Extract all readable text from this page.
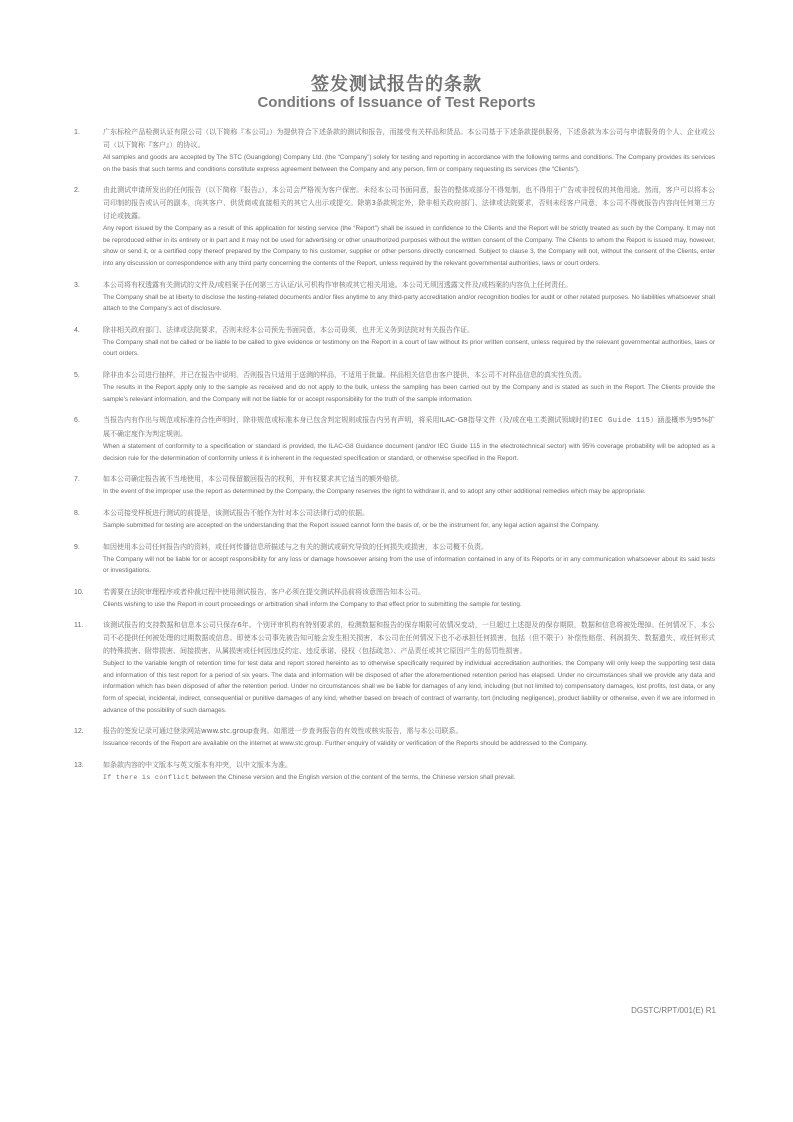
签发测试报告的条款
Conditions of Issuance of Test Reports
1.	广东标检产品检测认证有限公司（以下简称『本公司』）为提供符合下述条款的测试和报告，而接受有关样品和货品。本公司基于下述条款提供服务，下述条款为本公司与申请服务的个人、企业或公司（以下简称『客户』）的协议。
All samples and goods are accepted by The STC (Guangdong) Company Ltd. (the “Company”) solely for testing and reporting in accordance with the following terms and conditions. The Company provides its services on the basis that such terms and conditions constitute express agreement between the Company and any person, firm or company requesting its services (the “Clients”).
2.	由此测试申请所发出的任何报告（以下简称『报告』），本公司会严格视为客户保密。未经本公司书面同意，报告的整体或部分不得复制，也不得用于广告或非授权的其他用途。然而，客户可以将本公司印制的报告或认可的副本，向其客户、供货商或直接相关的其它人出示或提交。除第3条款规定外，除非相关政府部门、法律或法院要求，否则未经客户同意，本公司不得就报告内容向任何第三方讨论或披露。
Any report issued by the Company as a result of this application for testing service (the “Report”) shall be issued in confidence to the Clients and the Report will be strictly treated as such by the Company. It may not be reproduced either in its entirety or in part and it may not be used for advertising or other unauthorized purposes without the written consent of the Company. The Clients to whom the Report is issued may, however, show or send it, or a certified copy thereof prepared by the Company to his customer, supplier or other persons directly concerned. Subject to clause 3, the Company will not, without the consent of the Clients, enter into any discussion or correspondence with any third party concerning the contents of the Report, unless required by the relevant governmental authorities, laws or court orders.
3.	本公司将有权透露有关测试的文件及/或档案予任何第三方认证/认可机构作审核或其它相关用途。本公司无须因透露文件及/或档案的内容负上任何责任。
The Company shall be at liberty to disclose the testing-related documents and/or files anytime to any third-party accreditation and/or recognition bodies for audit or other related purposes. No liabilities whatsoever shall attach to the Company’s act of disclosure.
4.	除非相关政府部门、法律或法院要求，否则未经本公司预先书面同意，本公司毋须，也并无义务到法院对有关报告作证。
The Company shall not be called or be liable to be called to give evidence or testimony on the Report in a court of law without its prior written consent, unless required by the relevant governmental authorities, laws or court orders.
5.	除非由本公司进行抽样，并已在报告中说明，否则报告只适用于送测的样品，不适用于批量。样品相关信息由客户提供，本公司不对样品信息的真实性负责。
The results in the Report apply only to the sample as received and do not apply to the bulk, unless the sampling has been carried out by the Company and is stated as such in the Report. The Clients provide the sample’s relevant information, and the Company will not be liable for or accept responsibility for the truth of the sample information.
6.	当报告内有作出与规范或标准符合性声明时，除非规范或标准本身已包含判定规则或报告内另有声明，将采用ILAC-G8指导文件（及/或在电工类测试领域时的IEC Guide 115）涵盖概率为95%扩展不确定度作为判定规则。
When a statement of conformity to a specification or standard is provided, the ILAC-G8 Guidance document (and/or IEC Guide 115 in the electrotechnical sector) with 95% coverage probability will be adopted as a decision rule for the determination of conformity unless it is inherent in the requested specification or standard, or otherwise specified in the Report.
7.	如本公司确定报告被不当地使用，本公司保留撤回报告的权利，并有权要求其它适当的额外赔偿。
In the event of the improper use the report as determined by the Company, the Company reserves the right to withdraw it, and to adopt any other additional remedies which may be appropriate.
8.	本公司接受样板进行测试的前提是，该测试报告不能作为针对本公司法律行动的依据。
Sample submitted for testing are accepted on the understanding that the Report issued cannot form the basis of, or be the instrument for, any legal action against the Company.
9.	如因使用本公司任何报告内的资料，或任何传播信息所描述与之有关的测试或研究导致的任何损失或损害，本公司概不负责。
The Company will not be liable for or accept responsibility for any loss or damage howsoever arising from the use of information contained in any of its Reports or in any communication whatsoever about its said tests or investigations.
10.	若需要在法院审理程序或者仲裁过程中使用测试报告，客户必须在提交测试样品前将该意图告知本公司。
Clients wishing to use the Report in court proceedings or arbitration shall inform the Company to that effect prior to submitting the sample for testing.
11.	该测试报告的支持数据和信息本公司只保存6年。个别评审机构有特别要求的，检测数据和报告的保存期限可依情况变动，一旦超过上述提及的保存期限，数据和信息将被处理掉。任何情况下，本公司不必提供任何被处理的过期数据或信息。即使本公司事先被告知可能会发生相关损害，本公司在任何情况下也不必承担任何损害，包括（但不限于）补偿性赔偿、利润损失、数据遗失、或任何形式的特殊损害、附带损害、间接损害、从属损害或任何因违反约定、违反承诺、侵权（包括疏忽）、产品责任或其它原因产生的惩罚性损害。
Subject to the variable length of retention time for test data and report stored hereinto as to otherwise specifically required by individual accreditation authorities, the Company will only keep the supporting test data and information of this test report for a period of six years. The data and information will be disposed of after the aforementioned retention period has elapsed. Under no circumstances shall we provide any data and information which has been disposed of after the retention period. Under no circumstances shall we be liable for damages of any kind, including (but not limited to) compensatory damages, lost profits, lost data, or any form of special, incidental, indirect, consequential or punitive damages of any kind, whether based on breach of contract of warranty, tort (including negligence), product liability or otherwise, even if we are informed in advance of the possibility of such damages.
12.	报告的签发记录可通过登录网站www.stc.group查询。如需进一步查询报告的有效性或核实报告，需与本公司联系。
Issuance records of the Report are available on the internet at www.stc.group. Further enquiry of validity or verification of the Reports should be addressed to the Company.
13.	如条款内容的中文版本与英文版本有冲突，以中文版本为准。
If there is conflict between the Chinese version and the English version of the content of the terms, the Chinese version shall prevail.
DGSTC/RPT/001(E) R1
